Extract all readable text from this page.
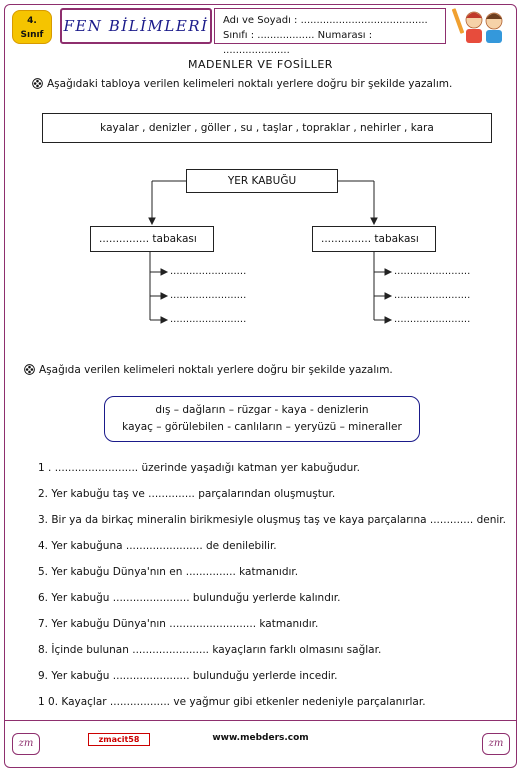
4.
Sınıf	FEN BİLİMLERİ	Adı ve Soyadı : ........................................
Sınıfı : .................. Numarası : .....................
MADENLER VE FOSİLLER
Aşağıdaki tabloya verilen kelimeleri noktalı yerlere doğru bir şekilde yazalım.
kayalar , denizler , göller , su , taşlar , topraklar , nehirler , kara
YER KABUĞU
............... tabakası	............... tabakası
........................
........................
........................
........................
........................
........................
Aşağıda verilen kelimeleri noktalı yerlere doğru bir şekilde yazalım.
dış – dağların – rüzgar - kaya - denizlerin
kayaç – görülebilen - canlıların – yeryüzü – mineraller
1 . ......................... üzerinde yaşadığı katman yer kabuğudur.
2. Yer kabuğu taş ve .............. parçalarından oluşmuştur.
3. Bir ya da birkaç mineralin birikmesiyle oluşmuş taş ve kaya parçalarına ............. denir.
4. Yer kabuğuna ....................... de denilebilir.
5. Yer kabuğu Dünya'nın en ............... katmanıdır.
6. Yer kabuğu ....................... bulunduğu yerlerde kalındır.
7. Yer kabuğu Dünya'nın .......................... katmanıdır.
8. İçinde bulunan ....................... kayaçların farklı olmasını sağlar.
9. Yer kabuğu ....................... bulunduğu yerlerde incedir.
1 0. Kayaçlar .................. ve yağmur gibi etkenler nedeniyle parçalanırlar.
zm	zmacit58	www.mebders.com	zm
